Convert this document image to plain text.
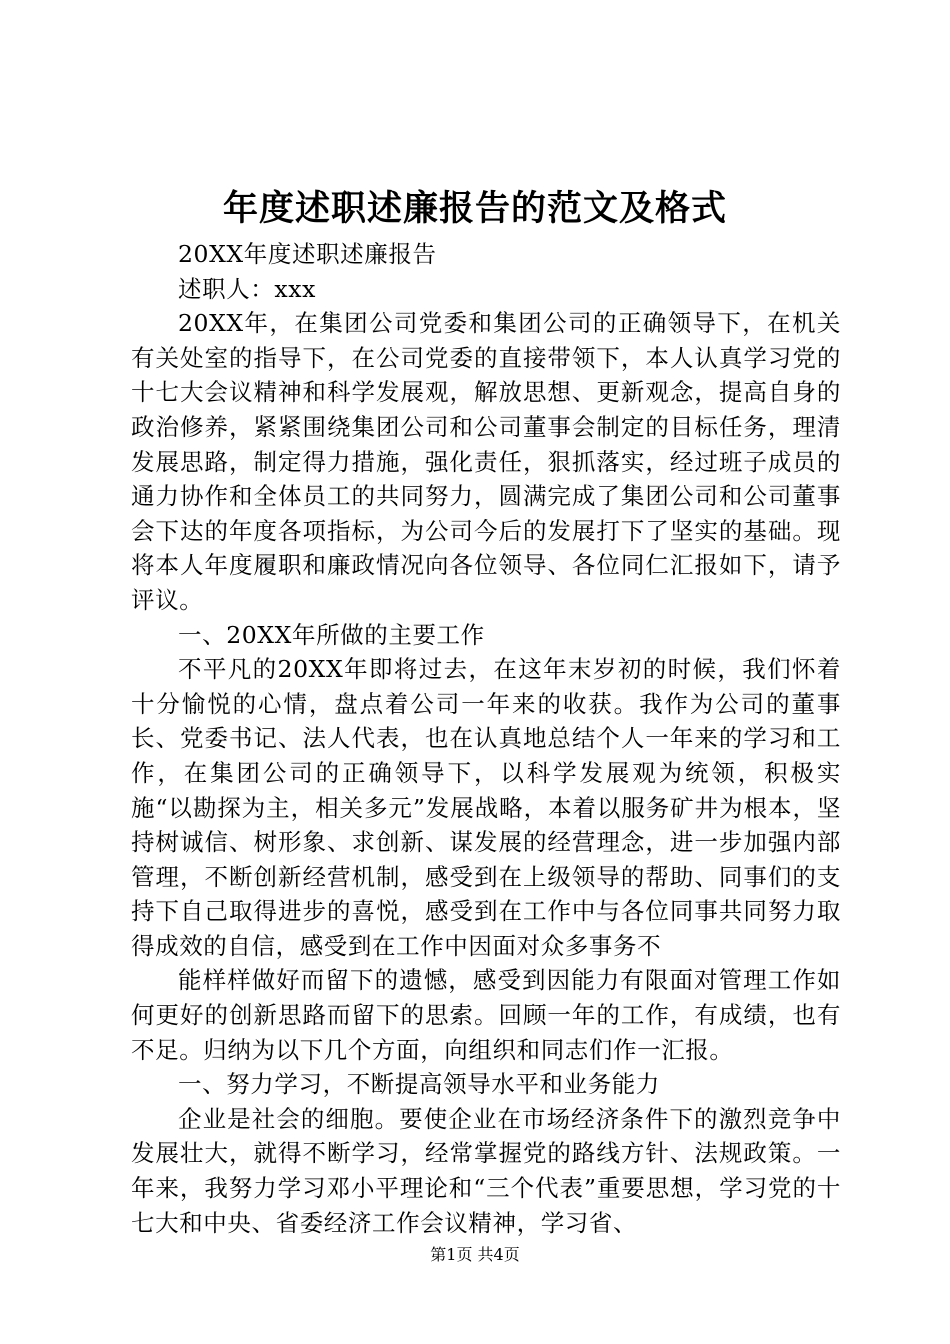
年度述职述廉报告的范文及格式

20XX年度述职述廉报告

述职人：xxx

20XX年，在集团公司党委和集团公司的正确领导下，在机关有关处室的指导下，在公司党委的直接带领下，本人认真学习党的十七大会议精神和科学发展观，解放思想、更新观念，提高自身的政治修养，紧紧围绕集团公司和公司董事会制定的目标任务，理清发展思路，制定得力措施，强化责任，狠抓落实，经过班子成员的通力协作和全体员工的共同努力，圆满完成了集团公司和公司董事会下达的年度各项指标，为公司今后的发展打下了坚实的基础。现将本人年度履职和廉政情况向各位领导、各位同仁汇报如下，请予评议。

一、20XX年所做的主要工作

不平凡的20XX年即将过去，在这年末岁初的时候，我们怀着十分愉悦的心情，盘点着公司一年来的收获。我作为公司的董事长、党委书记、法人代表，也在认真地总结个人一年来的学习和工作，在集团公司的正确领导下，以科学发展观为统领，积极实施“以勘探为主，相关多元”发展战略，本着以服务矿井为根本，坚持树诚信、树形象、求创新、谋发展的经营理念，进一步加强内部管理，不断创新经营机制，感受到在上级领导的帮助、同事们的支持下自己取得进步的喜悦，感受到在工作中与各位同事共同努力取得成效的自信，感受到在工作中因面对众多事务不

能样样做好而留下的遗憾，感受到因能力有限面对管理工作如何更好的创新思路而留下的思索。回顾一年的工作，有成绩，也有不足。归纳为以下几个方面，向组织和同志们作一汇报。

一、努力学习，不断提高领导水平和业务能力

企业是社会的细胞。要使企业在市场经济条件下的激烈竞争中发展壮大，就得不断学习，经常掌握党的路线方针、法规政策。一年来，我努力学习邓小平理论和“三个代表”重要思想，学习党的十七大和中央、省委经济工作会议精神，学习省、

第1页 共4页
